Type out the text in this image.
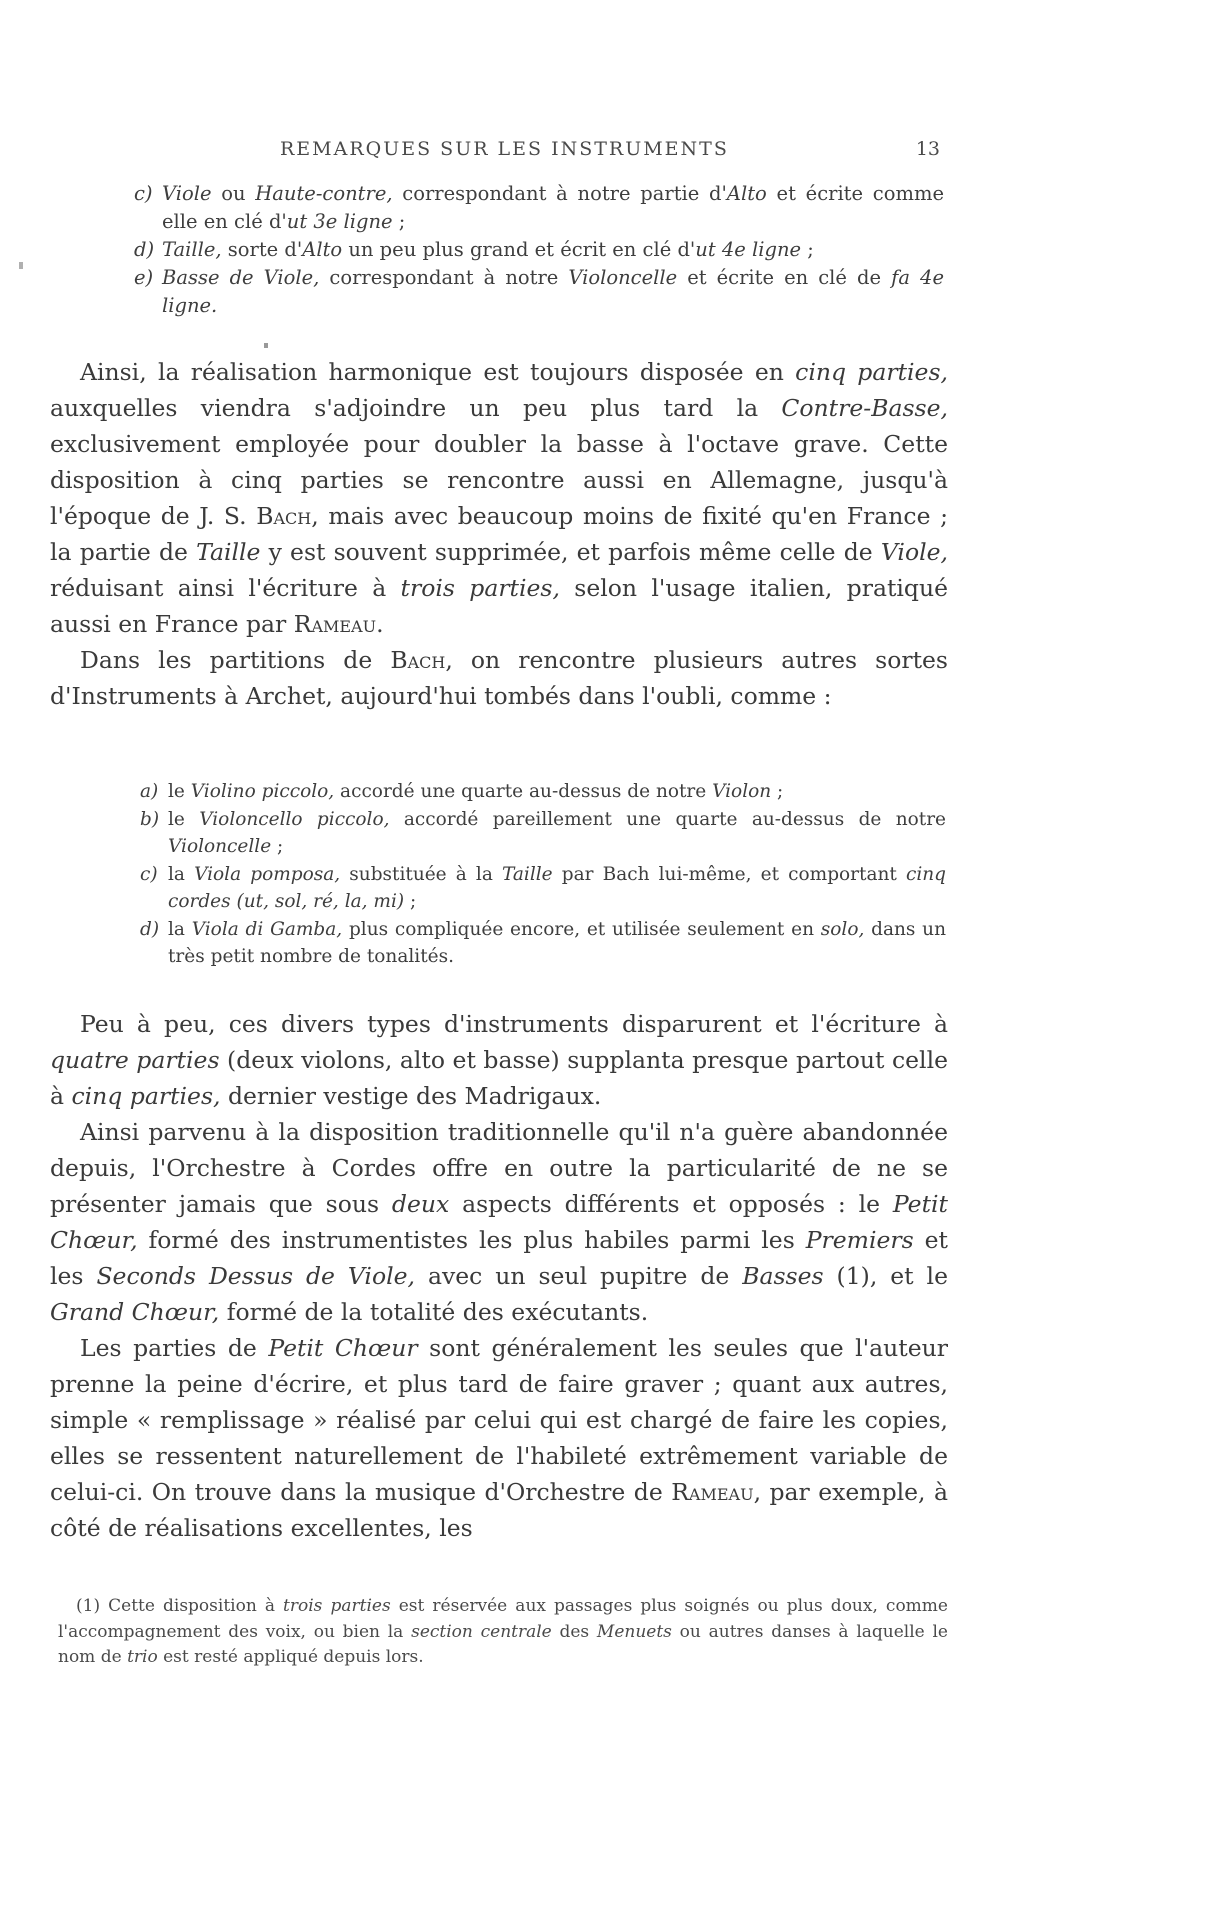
REMARQUES SUR LES INSTRUMENTS	13
c) Viole ou Haute-contre, correspondant à notre partie d'Alto et écrite comme elle en clé d'ut 3e ligne ;
d) Taille, sorte d'Alto un peu plus grand et écrit en clé d'ut 4e ligne ;
e) Basse de Viole, correspondant à notre Violoncelle et écrite en clé de fa 4e ligne.

Ainsi, la réalisation harmonique est toujours disposée en cinq parties, auxquelles viendra s'adjoindre un peu plus tard la Contre-Basse, exclusivement employée pour doubler la basse à l'octave grave. Cette disposition à cinq parties se rencontre aussi en Allemagne, jusqu'à l'époque de J. S. Bach, mais avec beaucoup moins de fixité qu'en France ; la partie de Taille y est souvent supprimée, et parfois même celle de Viole, réduisant ainsi l'écriture à trois parties, selon l'usage italien, pratiqué aussi en France par Rameau.

Dans les partitions de Bach, on rencontre plusieurs autres sortes d'Instruments à Archet, aujourd'hui tombés dans l'oubli, comme :

a) le Violino piccolo, accordé une quarte au-dessus de notre Violon ;
b) le Violoncello piccolo, accordé pareillement une quarte au-dessus de notre Violoncelle ;
c) la Viola pomposa, substituée à la Taille par Bach lui-même, et comportant cinq cordes (ut, sol, ré, la, mi) ;
d) la Viola di Gamba, plus compliquée encore, et utilisée seulement en solo, dans un très petit nombre de tonalités.

Peu à peu, ces divers types d'instruments disparurent et l'écriture à quatre parties (deux violons, alto et basse) supplanta presque partout celle à cinq parties, dernier vestige des Madrigaux.

Ainsi parvenu à la disposition traditionnelle qu'il n'a guère abandonnée depuis, l'Orchestre à Cordes offre en outre la particularité de ne se présenter jamais que sous deux aspects différents et opposés : le Petit Chœur, formé des instrumentistes les plus habiles parmi les Premiers et les Seconds Dessus de Viole, avec un seul pupitre de Basses (1), et le Grand Chœur, formé de la totalité des exécutants.

Les parties de Petit Chœur sont généralement les seules que l'auteur prenne la peine d'écrire, et plus tard de faire graver ; quant aux autres, simple « remplissage » réalisé par celui qui est chargé de faire les copies, elles se ressentent naturellement de l'habileté extrêmement variable de celui-ci. On trouve dans la musique d'Orchestre de Rameau, par exemple, à côté de réalisations excellentes, les

(1) Cette disposition à trois parties est réservée aux passages plus soignés ou plus doux, comme l'accompagnement des voix, ou bien la section centrale des Menuets ou autres danses à laquelle le nom de trio est resté appliqué depuis lors.
